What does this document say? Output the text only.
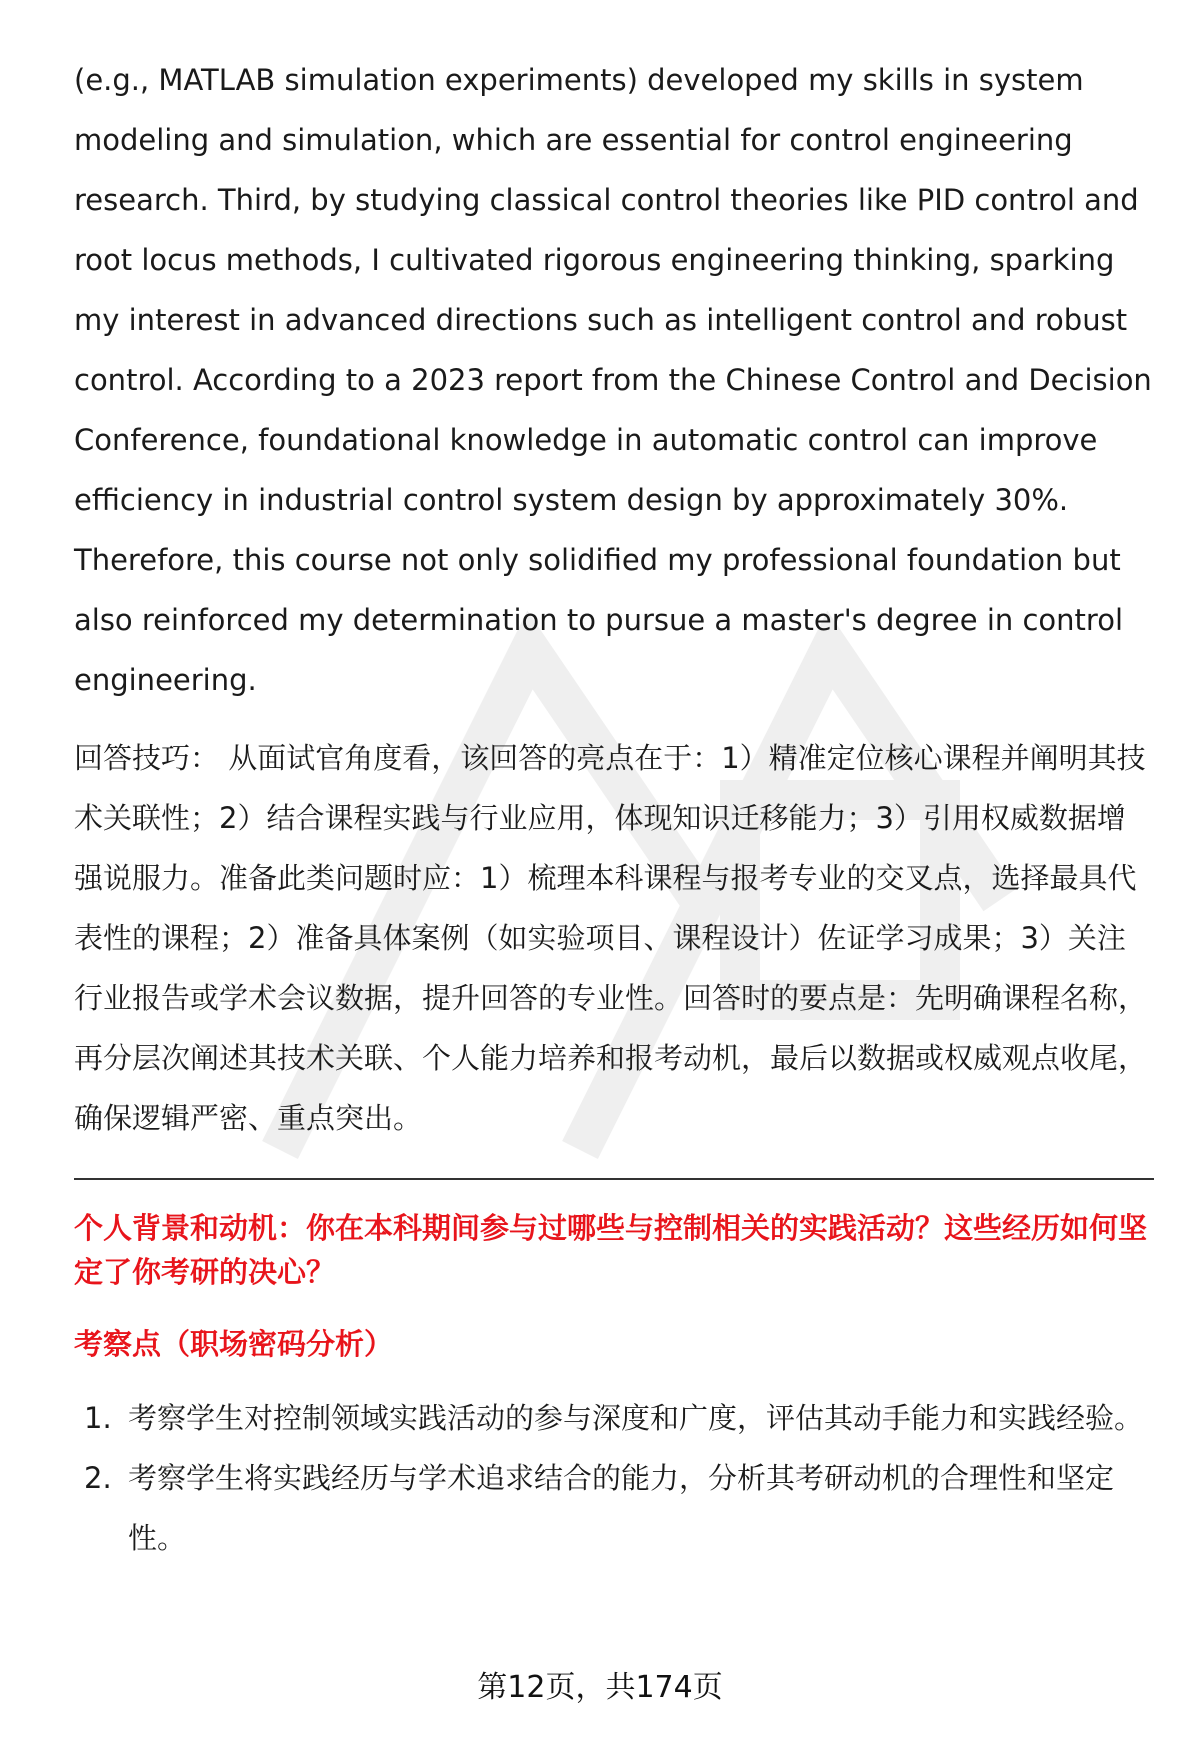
(e.g., MATLAB simulation experiments) developed my skills in system modeling and simulation, which are essential for control engineering research. Third, by studying classical control theories like PID control and root locus methods, I cultivated rigorous engineering thinking, sparking my interest in advanced directions such as intelligent control and robust control. According to a 2023 report from the Chinese Control and Decision Conference, foundational knowledge in automatic control can improve efficiency in industrial control system design by approximately 30%. Therefore, this course not only solidified my professional foundation but also reinforced my determination to pursue a master's degree in control engineering.

回答技巧： 从面试官角度看，该回答的亮点在于：1）精准定位核心课程并阐明其技术关联性；2）结合课程实践与行业应用，体现知识迁移能力；3）引用权威数据增强说服力。准备此类问题时应：1）梳理本科课程与报考专业的交叉点，选择最具代表性的课程；2）准备具体案例（如实验项目、课程设计）佐证学习成果；3）关注行业报告或学术会议数据，提升回答的专业性。回答时的要点是：先明确课程名称，再分层次阐述其技术关联、个人能力培养和报考动机，最后以数据或权威观点收尾，确保逻辑严密、重点突出。

个人背景和动机：你在本科期间参与过哪些与控制相关的实践活动？这些经历如何坚定了你考研的决心？

考察点（职场密码分析）

1. 考察学生对控制领域实践活动的参与深度和广度，评估其动手能力和实践经验。
2. 考察学生将实践经历与学术追求结合的能力，分析其考研动机的合理性和坚定性。
第12页，共174页
